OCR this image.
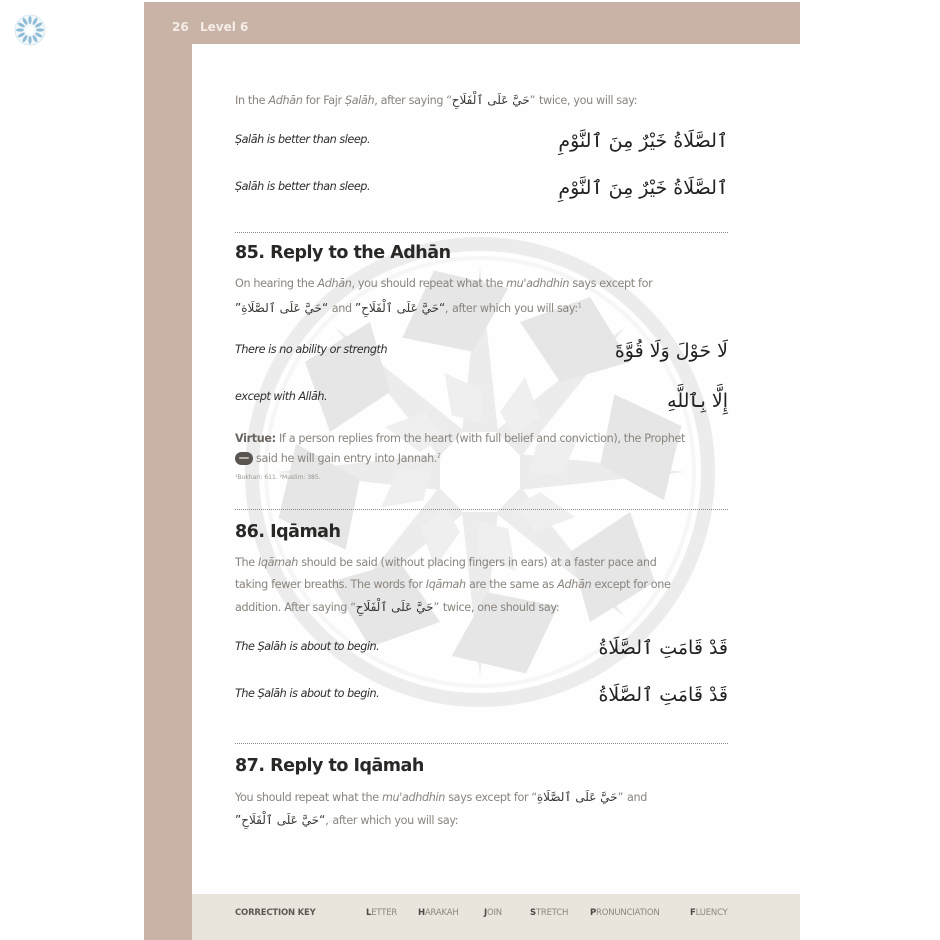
26 Level 6
CORRECTION KEY	LETTER HARAKAH	JOIN	STRETCH	PRONUNCIATION	FLUENCY
In the Adhān for Fajr Ṣalāh, after saying “حَيَّ عَلَى ٱلْفَلَاحِ” twice, you will say:
Ṣalāh is better than sleep.	ٱلصَّلَاةُ خَيْرٌ مِنَ ٱلنَّوْمِ
Ṣalāh is better than sleep.	ٱلصَّلَاةُ خَيْرٌ مِنَ ٱلنَّوْمِ
85. Reply to the Adhān
On hearing the Adhān, you should repeat what the mu'adhdhin says except for
“حَيَّ عَلَى ٱلصَّلَاةِ” and “حَيَّ عَلَى ٱلْفَلَاحِ”, after which you will say:$^1$
There is no ability or strength	لَا حَوْلَ وَلَا قُوَّةَ
except with Allāh.	إِلَّا بِٱللَّهِ
Virtue: If a person replies from the heart (with full belief and conviction), the Prophet
said he will gain entry into Jannah.$^2$
¹Bukhari: 611. ²Muslim: 385.
86. Iqāmah
The Iqāmah should be said (without placing fingers in ears) at a faster pace and
taking fewer breaths. The words for Iqāmah are the same as Adhān except for one
addition. After saying “حَيَّ عَلَى ٱلْفَلَاحِ” twice, one should say:
The Ṣalāh is about to begin.	قَدْ قَامَتِ ٱلصَّلَاةُ
The Ṣalāh is about to begin.	قَدْ قَامَتِ ٱلصَّلَاةُ
87. Reply to Iqāmah
You should repeat what the mu'adhdhin says except for “حَيَّ عَلَى ٱلصَّلَاةِ” and
“حَيَّ عَلَى ٱلْفَلَاحِ”, after which you will say:
